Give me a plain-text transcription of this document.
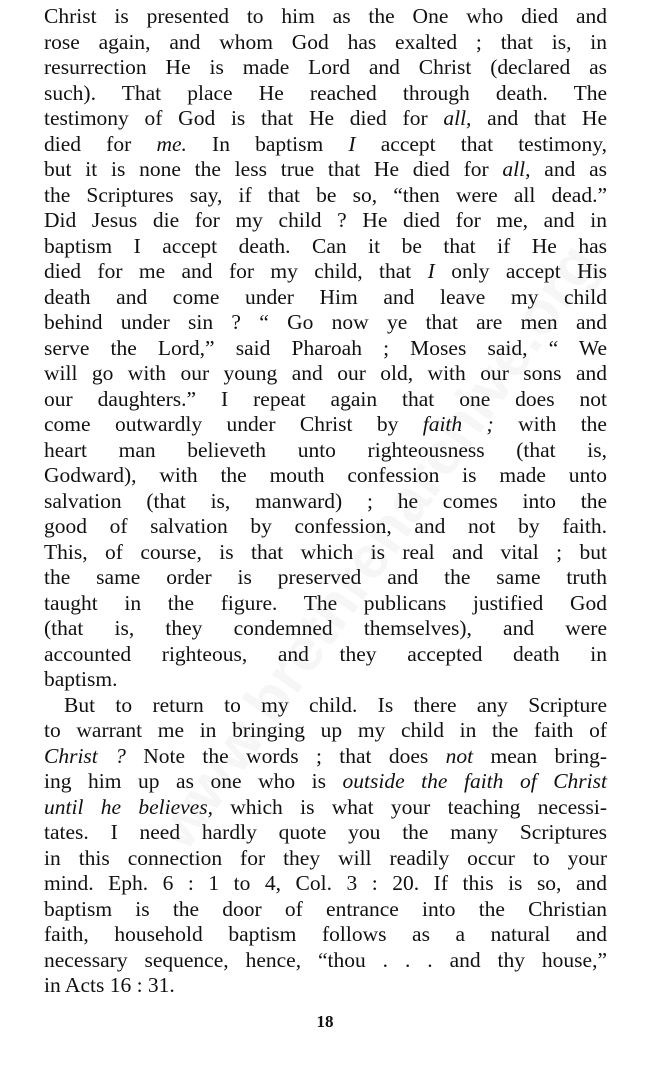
Christ is presented to him as the One who died and
rose again, and whom God has exalted ; that is, in
resurrection He is made Lord and Christ (declared as
such). That place He reached through death. The
testimony of God is that He died for all, and that He
died for me. In baptism I accept that testimony,
but it is none the less true that He died for all, and as
the Scriptures say, if that be so, “then were all dead.”
Did Jesus die for my child ? He died for me, and in
baptism I accept death. Can it be that if He has
died for me and for my child, that I only accept His
death and come under Him and leave my child
behind under sin ? “ Go now ye that are men and
serve the Lord,” said Pharoah ; Moses said, “ We
will go with our young and our old, with our sons and
our daughters.” I repeat again that one does not
come outwardly under Christ by faith ; with the
heart man believeth unto righteousness (that is,
Godward), with the mouth confession is made unto
salvation (that is, manward) ; he comes into the
good of salvation by confession, and not by faith.
This, of course, is that which is real and vital ; but
the same order is preserved and the same truth
taught in the figure. The publicans justified God
(that is, they condemned themselves), and were
accounted righteous, and they accepted death in
baptism.
But to return to my child. Is there any Scripture
to warrant me in bringing up my child in the faith of
Christ ? Note the words ; that does not mean bring-
ing him up as one who is outside the faith of Christ
until he believes, which is what your teaching necessi-
tates. I need hardly quote you the many Scriptures
in this connection for they will readily occur to your
mind. Eph. 6 : 1 to 4, Col. 3 : 20. If this is so, and
baptism is the door of entrance into the Christian
faith, household baptism follows as a natural and
necessary sequence, hence, “thou . . . and thy house,”
in Acts 16 : 31.
18
